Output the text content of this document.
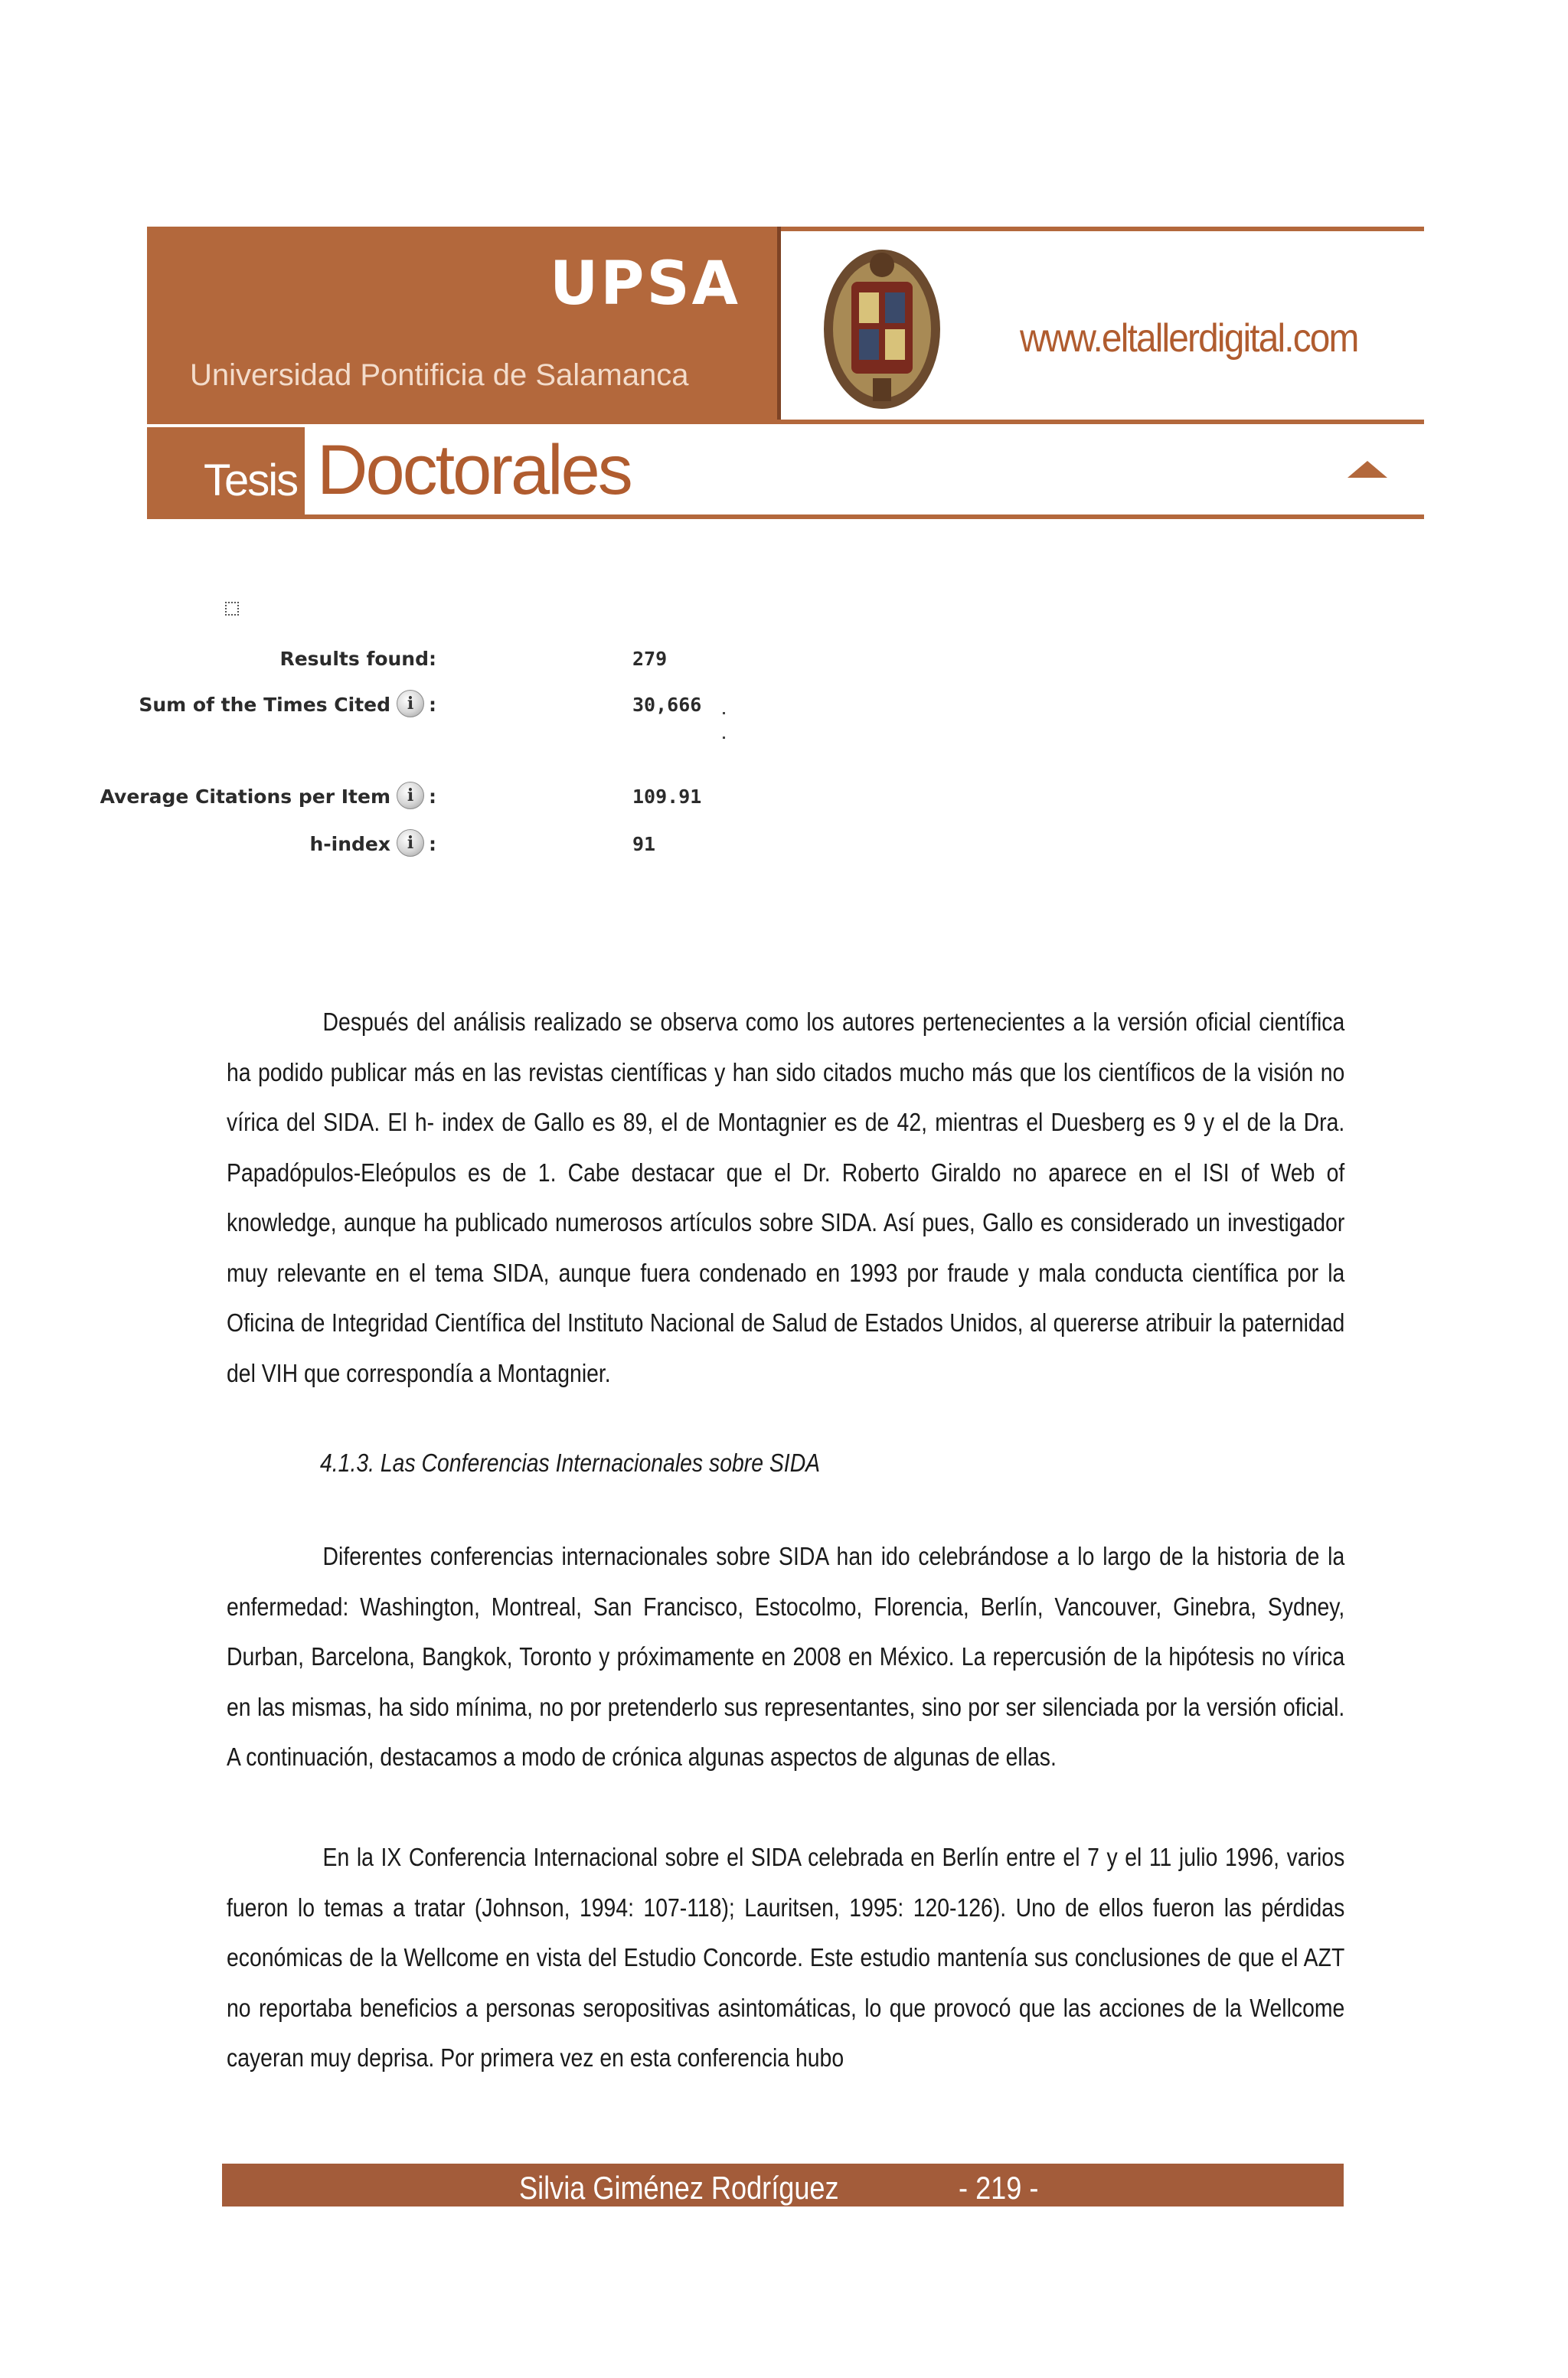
UPSA
Universidad Pontificia de Salamanca
www.eltallerdigital.com
Tesis Doctorales
Results found:	279
Sum of the Times Cited i :	30,666
Average Citations per Item i :	109.91
h-index i :	91

Después del análisis realizado se observa como los autores pertenecientes a la versión oficial científica ha podido publicar más en las revistas científicas y han sido citados mucho más que los científicos de la visión no vírica del SIDA. El h- index de Gallo es 89, el de Montagnier es de 42, mientras el Duesberg es 9 y el de la Dra. Papadópulos-Eleópulos es de 1. Cabe destacar que el Dr. Roberto Giraldo no aparece en el ISI of Web of knowledge, aunque ha publicado numerosos artículos sobre SIDA. Así pues, Gallo es considerado un investigador muy relevante en el tema SIDA, aunque fuera condenado en 1993 por fraude y mala conducta científica por la Oficina de Integridad Científica del Instituto Nacional de Salud de Estados Unidos, al quererse atribuir la paternidad del VIH que correspondía a Montagnier.

4.1.3. Las Conferencias Internacionales sobre SIDA

Diferentes conferencias internacionales sobre SIDA han ido celebrándose a lo largo de la historia de la enfermedad: Washington, Montreal, San Francisco, Estocolmo, Florencia, Berlín, Vancouver, Ginebra, Sydney, Durban, Barcelona, Bangkok, Toronto y próximamente en 2008 en México. La repercusión de la hipótesis no vírica en las mismas, ha sido mínima, no por pretenderlo sus representantes, sino por ser silenciada por la versión oficial. A continuación, destacamos a modo de crónica algunas aspectos de algunas de ellas.

En la IX Conferencia Internacional sobre el SIDA celebrada en Berlín entre el 7 y el 11 julio 1996, varios fueron lo temas a tratar (Johnson, 1994: 107-118); Lauritsen, 1995: 120-126). Uno de ellos fueron las pérdidas económicas de la Wellcome en vista del Estudio Concorde. Este estudio mantenía sus conclusiones de que el AZT no reportaba beneficios a personas seropositivas asintomáticas, lo que provocó que las acciones de la Wellcome cayeran muy deprisa. Por primera vez en esta conferencia hubo

Silvia Giménez Rodríguez	- 219 -
